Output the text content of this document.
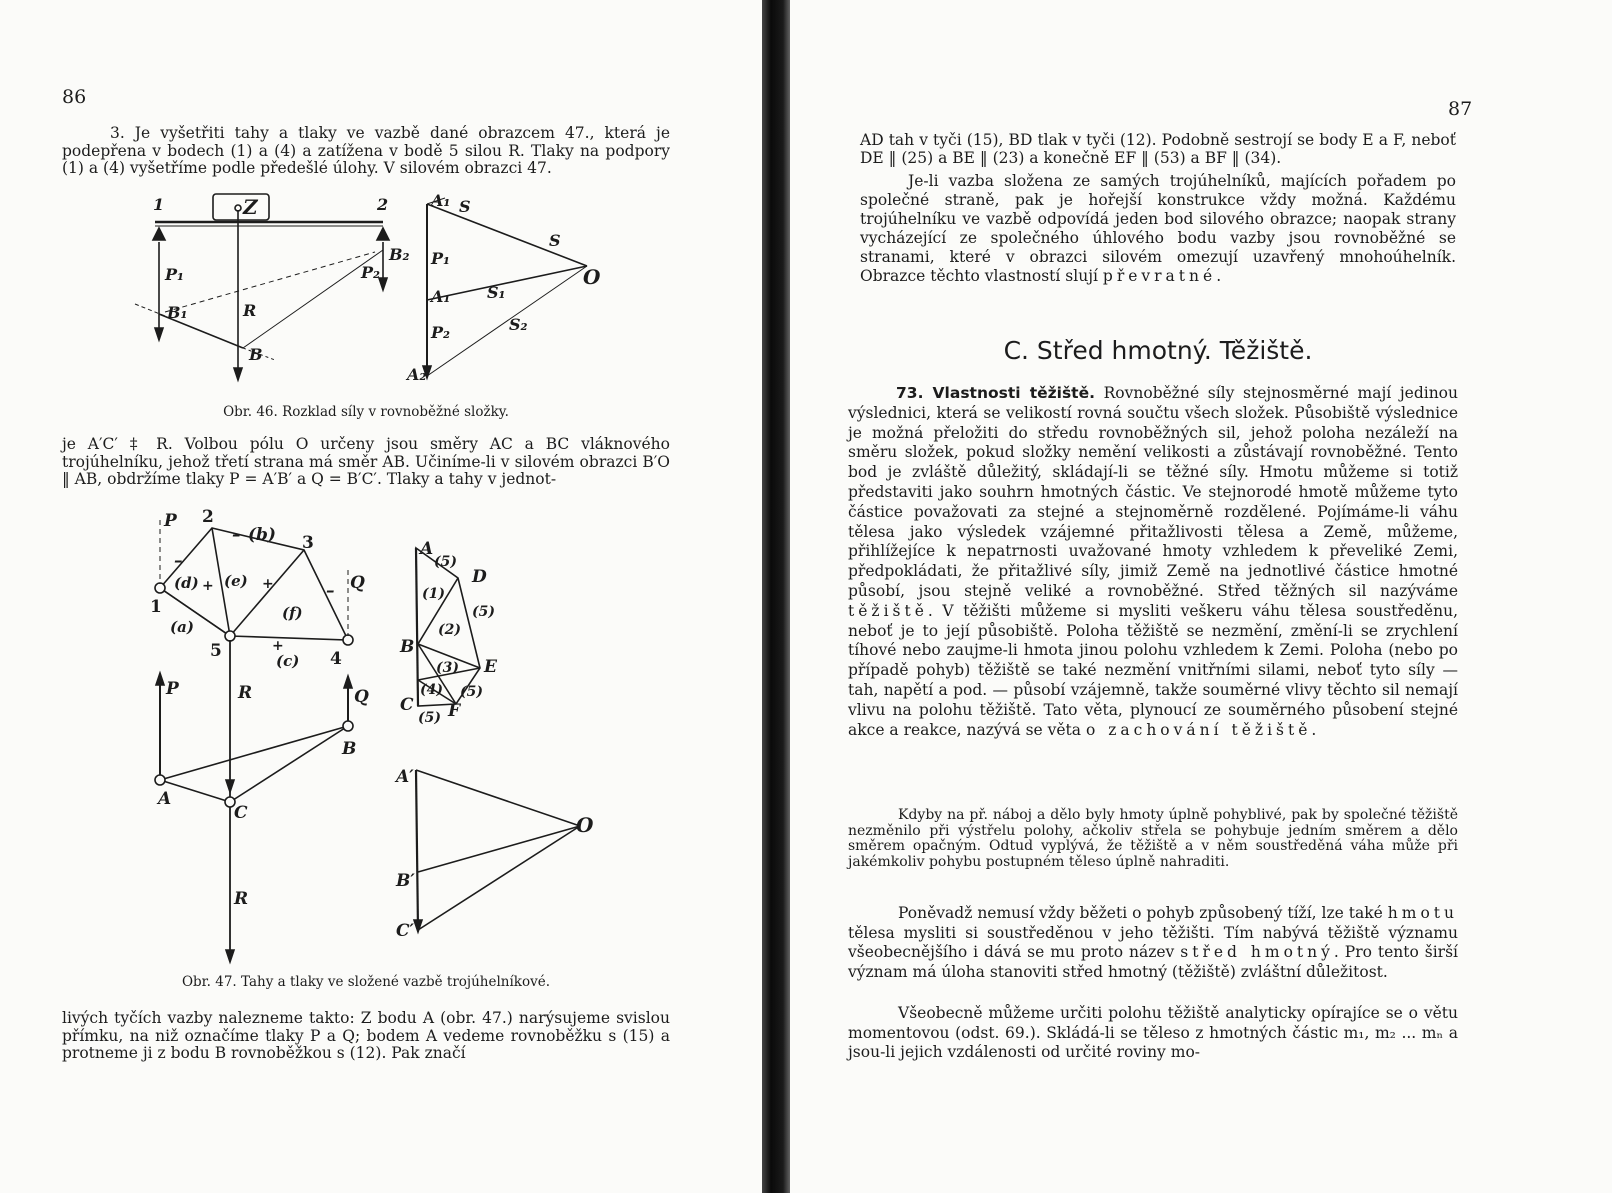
86

3. Je vyšetřiti tahy a tlaky ve vazbě dané obrazcem 47., která je podepřena v bodech (1) a (4) a zatížena v bodě 5 silou R. Tlaky na podpory (1) a (4) vyšetříme podle předešlé úlohy. V silovém obrazci 47.

1	2
Z
B₂
P₁	P₂
B₁	R
B
A₁ S
S
P₁
O
A₁ S₁
S₂
P₂
A₂
Obr. 46. Rozklad síly v rovnoběžné složky.

je A′C′ ‡ R. Volbou pólu O určeny jsou směry AC a BC vláknového trojúhelníku, jehož třetí strana má směr AB. Učiníme-li v silovém obrazci B′O ‖ AB, obdržíme tlaky P = A′B′ a Q = B′C′. Tlaky a tahy v jednot-

P 2
– (b) 3
Q
(d) + (e) +
(f)
–
–
1
(a)
5	+
(c) 4
P	R	Q
B
A
C
R
A
(5)
D
(1)
(5)
(2)
B
(3) E
(4) (5)
C
(5) F
A′
O
B′
C′
Obr. 47. Tahy a tlaky ve složené vazbě trojúhelníkové.

livých tyčích vazby nalezneme takto: Z bodu A (obr. 47.) narýsujeme svislou přímku, na niž označíme tlaky P a Q; bodem A vedeme rovnoběžku s (15) a protneme ji z bodu B rovnoběžkou s (12). Pak značí

87

AD tah v tyči (15), BD tlak v tyči (12). Podobně sestrojí se body E a F, neboť DE ‖ (25) a BE ‖ (23) a konečně EF ‖ (53) a BF ‖ (34).

Je-li vazba složena ze samých trojúhelníků, majících pořadem po společné straně, pak je hořejší konstrukce vždy možná. Každému trojúhelníku ve vazbě odpovídá jeden bod silového obrazce; naopak strany vycházející ze společného úhlového bodu vazby jsou rovnoběžné se stranami, které v obrazci silovém omezují uzavřený mnohoúhelník. Obrazce těchto vlastností slují převratné.

C. Střed hmotný. Těžiště.

73. Vlastnosti těžiště. Rovnoběžné síly stejnosměrné mají jedinou výslednici, která se velikostí rovná součtu všech složek. Působiště výslednice je možná přeložiti do středu rovnoběžných sil, jehož poloha nezáleží na směru složek, pokud složky nemění velikosti a zůstávají rovnoběžné. Tento bod je zvláště důležitý, skládají-li se těžné síly. Hmotu můžeme si totiž představiti jako souhrn hmotných částic. Ve stejnorodé hmotě můžeme tyto částice považovati za stejné a stejnoměrně rozdělené. Pojímáme-li váhu tělesa jako výsledek vzájemné přitažlivosti tělesa a Země, můžeme, přihlížejíce k nepatrnosti uvažované hmoty vzhledem k převeliké Zemi, předpokládati, že přitažlivé síly, jimiž Země na jednotlivé částice hmotné působí, jsou stejně veliké a rovnoběžné. Střed těžných sil nazýváme těžiště. V těžišti můžeme si mysliti veškeru váhu tělesa soustředěnu, neboť je to její působiště. Poloha těžiště se nezmění, změní-li se zrychlení tíhové nebo zaujme-li hmota jinou polohu vzhledem k Zemi. Poloha (nebo po případě pohyb) těžiště se také nezmění vnitřními silami, neboť tyto síly — tah, napětí a pod. — působí vzájemně, takže souměrné vlivy těchto sil nemají vlivu na polohu těžiště. Tato věta, plynoucí ze souměrného působení stejné akce a reakce, nazývá se věta o zachování těžiště.

Kdyby na př. náboj a dělo byly hmoty úplně pohyblivé, pak by společné těžiště nezměnilo při výstřelu polohy, ačkoliv střela se pohybuje jedním směrem a dělo směrem opačným. Odtud vyplývá, že těžiště a v něm soustředěná váha může při jakémkoliv pohybu postupném těleso úplně nahraditi.

Poněvadž nemusí vždy běžeti o pohyb způsobený tíží, lze také hmotu tělesa mysliti si soustředěnou v jeho těžišti. Tím nabývá těžiště významu všeobecnějšího i dává se mu proto název střed hmotný. Pro tento širší význam má úloha stanoviti střed hmotný (těžiště) zvláštní důležitost.

Všeobecně můžeme určiti polohu těžiště analyticky opírajíce se o větu momentovou (odst. 69.). Skládá-li se těleso z hmotných částic m₁, m₂ ... mₙ a jsou-li jejich vzdálenosti od určité roviny mo-
